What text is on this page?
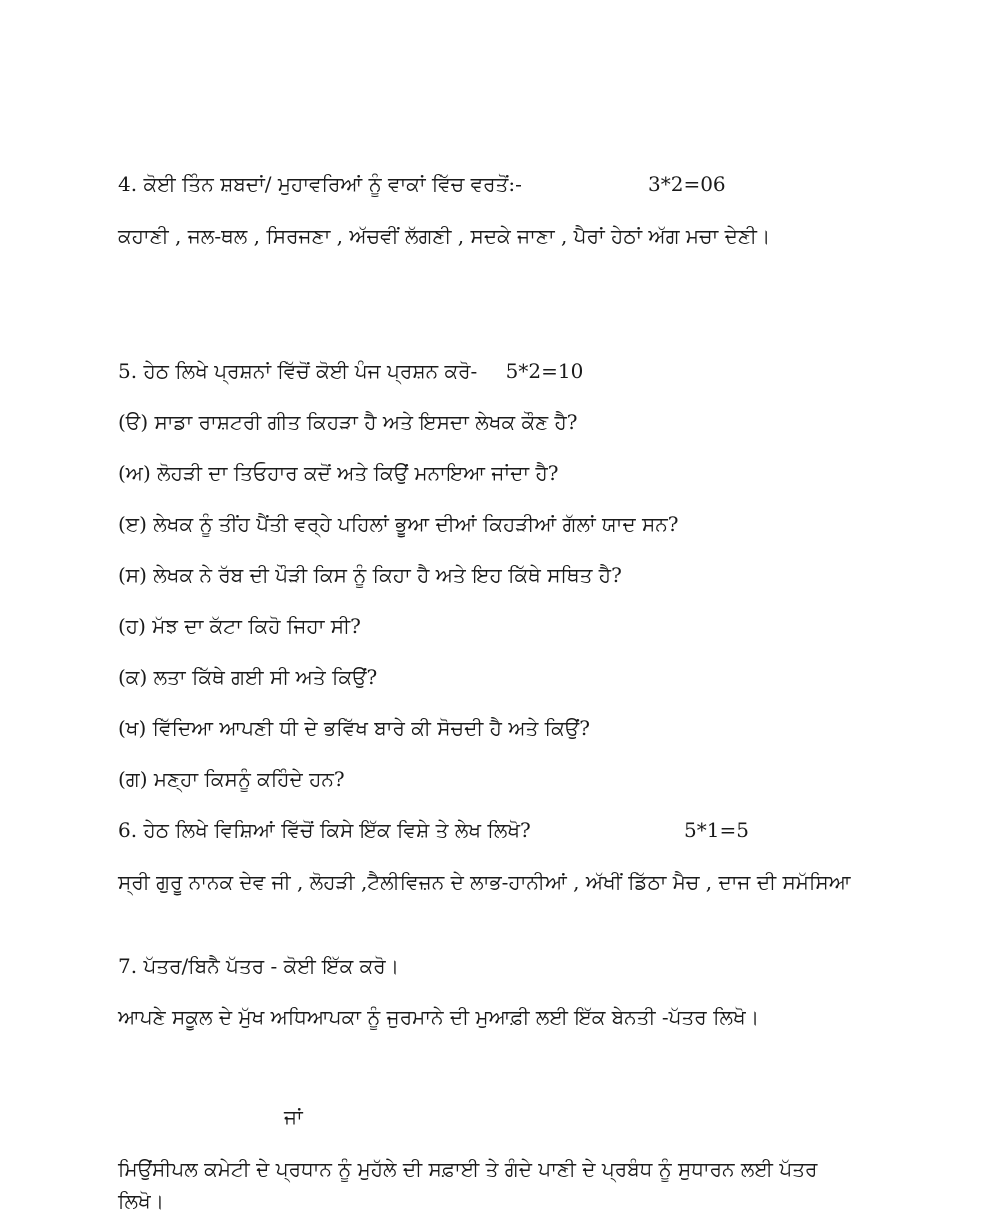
4. ਕੋਈ ਤਿੰਨ ਸ਼ਬਦਾਂ/ ਮੁਹਾਵਰਿਆਂ ਨੂੰ ਵਾਕਾਂ ਵਿੱਚ ਵਰਤੋਂ:-	3*2=06
ਕਹਾਣੀ , ਜਲ-ਥਲ , ਸਿਰਜਣਾ , ਅੱਚਵੀਂ ਲੱਗਣੀ , ਸਦਕੇ ਜਾਣਾ , ਪੈਰਾਂ ਹੇਠਾਂ ਅੱਗ ਮਚਾ ਦੇਣੀ।
5. ਹੇਠ ਲਿਖੇ ਪ੍ਰਸ਼ਨਾਂ ਵਿੱਚੋਂ ਕੋਈ ਪੰਜ ਪ੍ਰਸ਼ਨ ਕਰੋ- 5*2=10
(ੳ) ਸਾਡਾ ਰਾਸ਼ਟਰੀ ਗੀਤ ਕਿਹੜਾ ਹੈ ਅਤੇ ਇਸਦਾ ਲੇਖਕ ਕੌਣ ਹੈ?
(ਅ) ਲੋਹੜੀ ਦਾ ਤਿਓਹਾਰ ਕਦੋਂ ਅਤੇ ਕਿਉਂ ਮਨਾਇਆ ਜਾਂਦਾ ਹੈ?
(ੲ) ਲੇਖਕ ਨੂੰ ਤੀਂਹ ਪੈਂਤੀ ਵਰ੍ਹੇ ਪਹਿਲਾਂ ਭੂਆ ਦੀਆਂ ਕਿਹੜੀਆਂ ਗੱਲਾਂ ਯਾਦ ਸਨ?
(ਸ) ਲੇਖਕ ਨੇ ਰੱਬ ਦੀ ਪੌੜੀ ਕਿਸ ਨੂੰ ਕਿਹਾ ਹੈ ਅਤੇ ਇਹ ਕਿੱਥੇ ਸਥਿਤ ਹੈ?
(ਹ) ਮੱਝ ਦਾ ਕੱਟਾ ਕਿਹੋ ਜਿਹਾ ਸੀ?
(ਕ) ਲਤਾ ਕਿੱਥੇ ਗਈ ਸੀ ਅਤੇ ਕਿਉਂ?
(ਖ) ਵਿੱਦਿਆ ਆਪਣੀ ਧੀ ਦੇ ਭਵਿੱਖ ਬਾਰੇ ਕੀ ਸੋਚਦੀ ਹੈ ਅਤੇ ਕਿਉਂ?
(ਗ) ਮਣ੍ਹਾ ਕਿਸਨੂੰ ਕਹਿੰਦੇ ਹਨ?
6. ਹੇਠ ਲਿਖੇ ਵਿਸ਼ਿਆਂ ਵਿੱਚੋਂ ਕਿਸੇ ਇੱਕ ਵਿਸ਼ੇ ਤੇ ਲੇਖ ਲਿਖੋ?	5*1=5
ਸ੍ਰੀ ਗੁਰੂ ਨਾਨਕ ਦੇਵ ਜੀ , ਲੋਹੜੀ ,ਟੈਲੀਵਿਜ਼ਨ ਦੇ ਲਾਭ-ਹਾਨੀਆਂ , ਅੱਖੀਂ ਡਿੱਠਾ ਮੈਚ , ਦਾਜ ਦੀ ਸਮੱਸਿਆ
7. ਪੱਤਰ/ਬਿਨੈ ਪੱਤਰ - ਕੋਈ ਇੱਕ ਕਰੋ।
ਆਪਣੇ ਸਕੂਲ ਦੇ ਮੁੱਖ ਅਧਿਆਪਕਾ ਨੂੰ ਜੁਰਮਾਨੇ ਦੀ ਮੁਆਫ਼ੀ ਲਈ ਇੱਕ ਬੇਨਤੀ -ਪੱਤਰ ਲਿਖੋ।
ਜਾਂ
ਮਿਉਂਸੀਪਲ ਕਮੇਟੀ ਦੇ ਪ੍ਰਧਾਨ ਨੂੰ ਮੁਹੱਲੇ ਦੀ ਸਫ਼ਾਈ ਤੇ ਗੰਦੇ ਪਾਣੀ ਦੇ ਪ੍ਰਬੰਧ ਨੂੰ ਸੁਧਾਰਨ ਲਈ ਪੱਤਰ ਲਿਖੋ।
